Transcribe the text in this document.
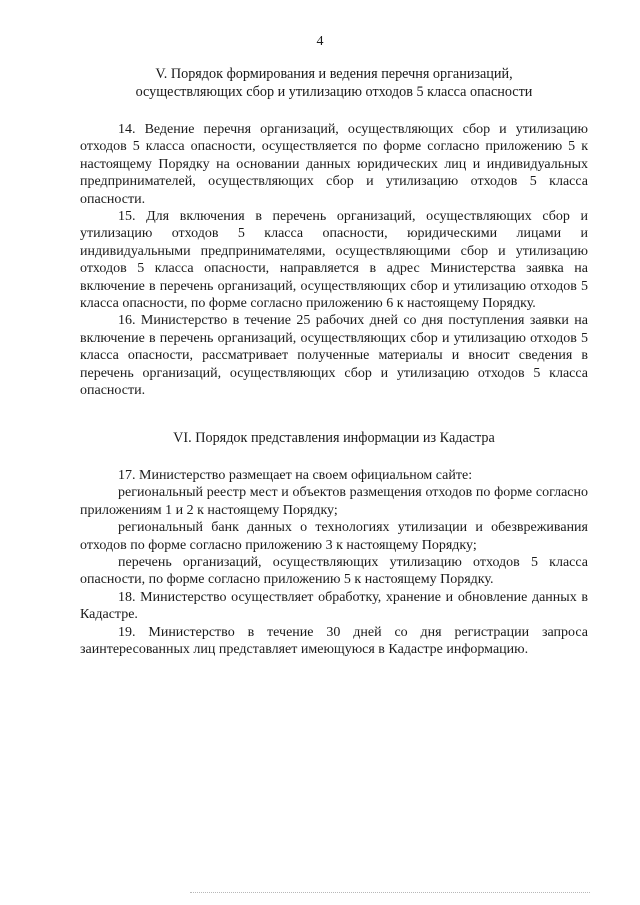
4
V. Порядок формирования и ведения перечня организаций,
осуществляющих сбор и утилизацию отходов 5 класса опасности

14. Ведение перечня организаций, осуществляющих сбор и утилизацию отходов 5 класса опасности, осуществляется по форме согласно приложению 5 к настоящему Порядку на основании данных юридических лиц и индивидуальных предпринимателей, осуществляющих сбор и утилизацию отходов 5 класса опасности.

15. Для включения в перечень организаций, осуществляющих сбор и утилизацию отходов 5 класса опасности, юридическими лицами и индивидуальными предпринимателями, осуществляющими сбор и утилизацию отходов 5 класса опасности, направляется в адрес Министерства заявка на включение в перечень организаций, осуществляющих сбор и утилизацию отходов 5 класса опасности, по форме согласно приложению 6 к настоящему Порядку.

16. Министерство в течение 25 рабочих дней со дня поступления заявки на включение в перечень организаций, осуществляющих сбор и утилизацию отходов 5 класса опасности, рассматривает полученные материалы и вносит сведения в перечень организаций, осуществляющих сбор и утилизацию отходов 5 класса опасности.

VI. Порядок представления информации из Кадастра

17. Министерство размещает на своем официальном сайте:

региональный реестр мест и объектов размещения отходов по форме согласно приложениям 1 и 2 к настоящему Порядку;

региональный банк данных о технологиях утилизации и обезвреживания отходов по форме согласно приложению 3 к настоящему Порядку;

перечень организаций, осуществляющих утилизацию отходов 5 класса опасности, по форме согласно приложению 5 к настоящему Порядку.

18. Министерство осуществляет обработку, хранение и обновление данных в Кадастре.

19. Министерство в течение 30 дней со дня регистрации запроса заинтересованных лиц представляет имеющуюся в Кадастре информацию.
